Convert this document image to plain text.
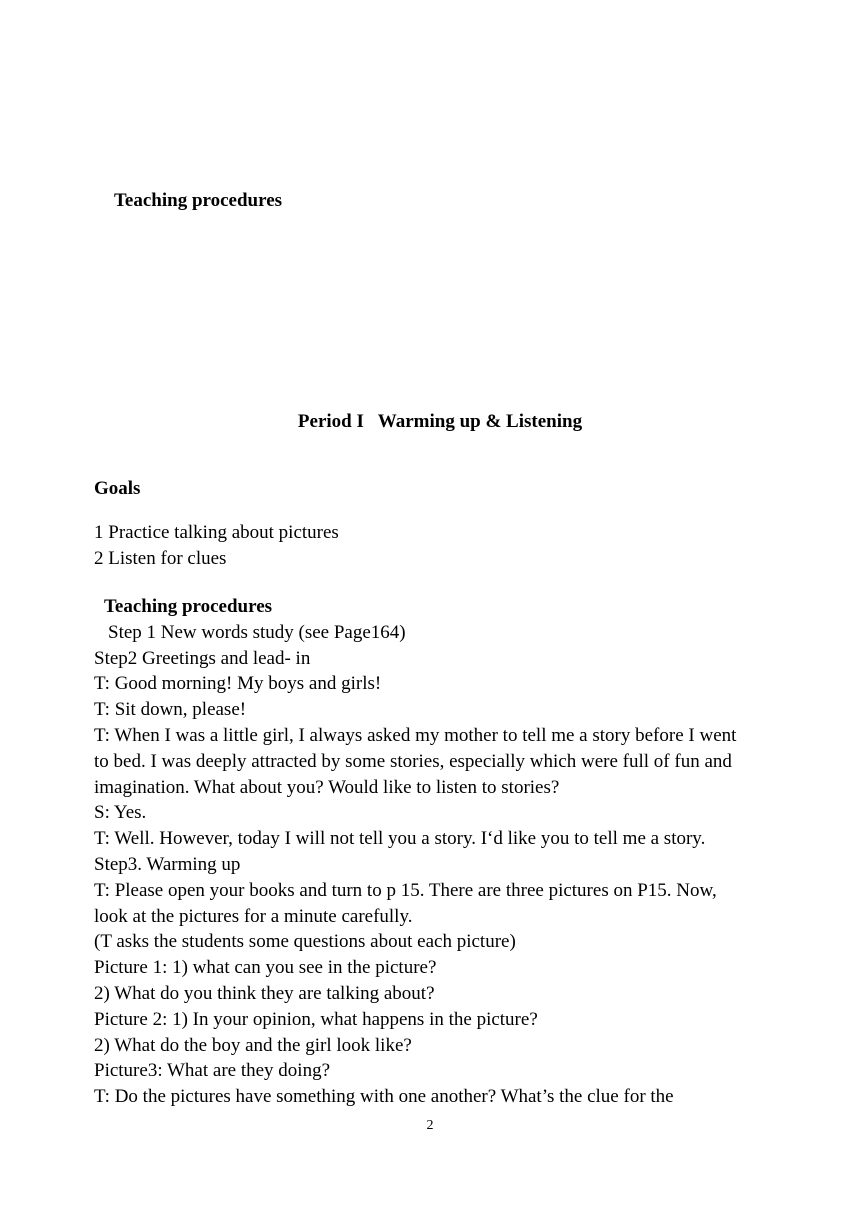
Teaching procedures
Period I   Warming up & Listening
Goals
1 Practice talking about pictures
2 Listen for clues
Teaching procedures
Step 1 New words study (see Page164)
Step2 Greetings and lead- in
T: Good morning! My boys and girls!
T: Sit down, please!
T: When I was a little girl, I always asked my mother to tell me a story before I went
to bed. I was deeply attracted by some stories, especially which were full of fun and
imagination. What about you? Would like to listen to stories?
S: Yes.
T: Well. However, today I will not tell you a story. I‘d like you to tell me a story.
Step3. Warming up
T: Please open your books and turn to p 15. There are three pictures on P15. Now,
look at the pictures for a minute carefully.
(T asks the students some questions about each picture)
Picture 1: 1) what can you see in the picture?
2) What do you think they are talking about?
Picture 2: 1) In your opinion, what happens in the picture?
2) What do the boy and the girl look like?
Picture3: What are they doing?
T: Do the pictures have something with one another? What’s the clue for the
2
